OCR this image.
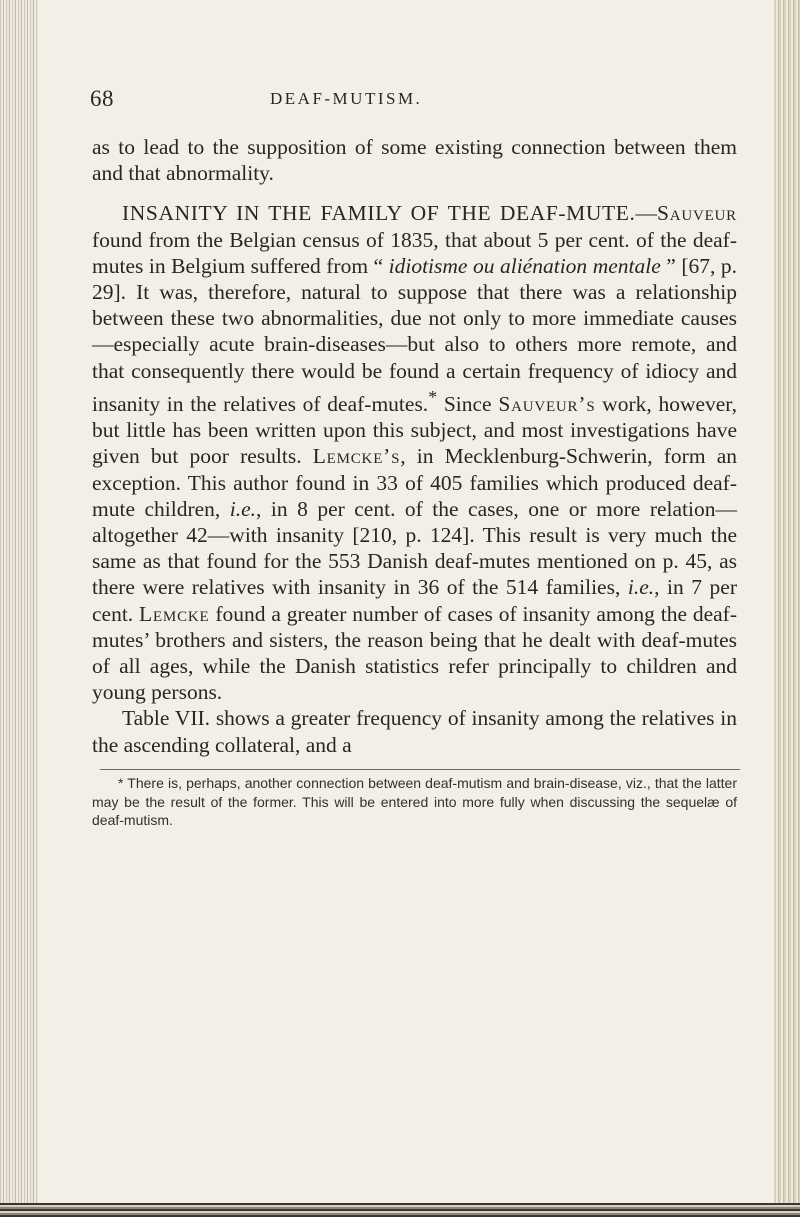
68	DEAF-MUTISM.

as to lead to the supposition of some existing connection between them and that abnormality.

INSANITY IN THE FAMILY OF THE DEAF-MUTE.—Sauveur found from the Belgian census of 1835, that about 5 per cent. of the deaf-mutes in Belgium suffered from “ idiotisme ou aliénation mentale ” [67, p. 29]. It was, therefore, natural to suppose that there was a relationship between these two abnormalities, due not only to more immediate causes—especially acute brain-diseases—but also to others more remote, and that consequently there would be found a certain frequency of idiocy and insanity in the relatives of deaf-mutes.* Since Sauveur’s work, however, but little has been written upon this subject, and most investigations have given but poor results. Lemcke’s, in Mecklenburg-Schwerin, form an exception. This author found in 33 of 405 families which produced deaf-mute children, i.e., in 8 per cent. of the cases, one or more relation—altogether 42—with insanity [210, p. 124]. This result is very much the same as that found for the 553 Danish deaf-mutes mentioned on p. 45, as there were relatives with insanity in 36 of the 514 families, i.e., in 7 per cent. Lemcke found a greater number of cases of insanity among the deaf-mutes’ brothers and sisters, the reason being that he dealt with deaf-mutes of all ages, while the Danish statistics refer principally to children and young persons.

Table VII. shows a greater frequency of insanity among the relatives in the ascending collateral, and a

* There is, perhaps, another connection between deaf-mutism and brain-disease, viz., that the latter may be the result of the former. This will be entered into more fully when discussing the sequelæ of deaf-mutism.
